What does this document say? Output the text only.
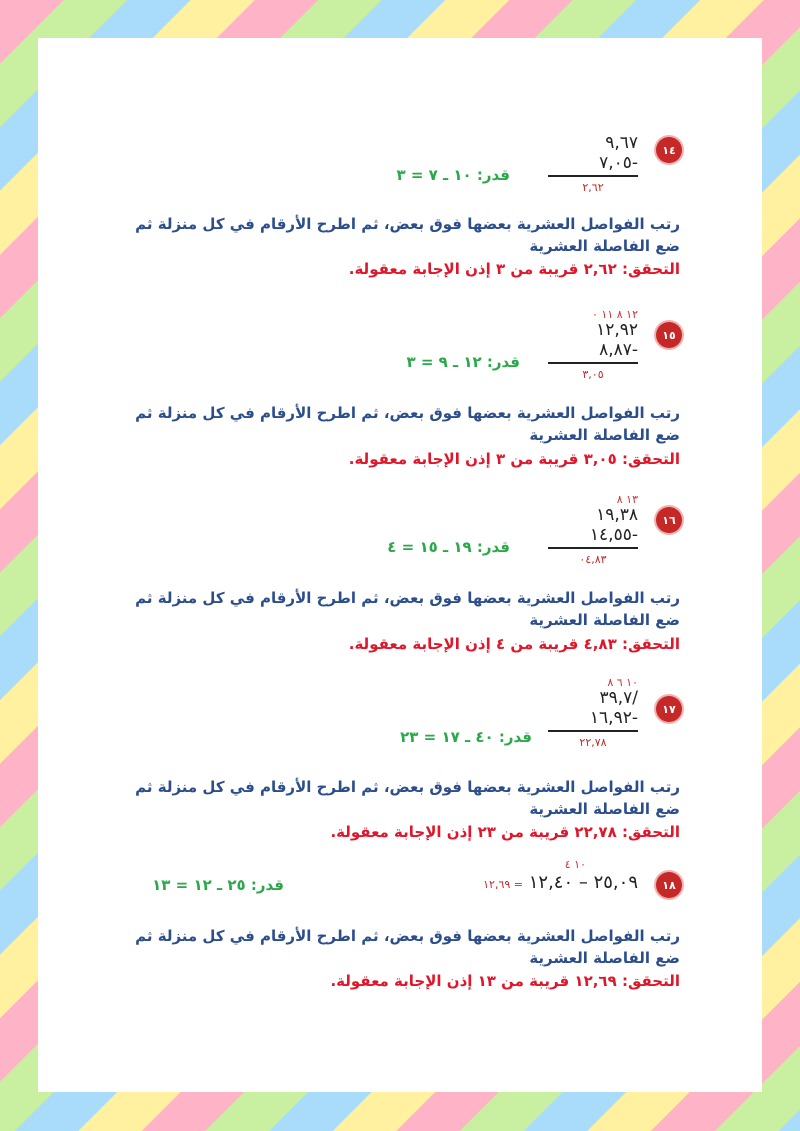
١٤
٩,٦٧
٧,٠٥-
٢,٦٢
قدر: ١٠ ـ ٧ = ٣
رتب الفواصل العشرية بعضها فوق بعض، ثم اطرح الأرقام في كل منزلة ثم ضع الفاصلة العشرية
التحقق: ٢,٦٢ قريبة من ٣ إذن الإجابة معقولة.
١٥
١٢ ٨ ١١ ٠
١٢,٩٢
٨,٨٧-
٣,٠٥
قدر: ١٢ ـ ٩ = ٣
رتب الفواصل العشرية بعضها فوق بعض، ثم اطرح الأرقام في كل منزلة ثم ضع الفاصلة العشرية
التحقق: ٣,٠٥ قريبة من ٣ إذن الإجابة معقولة.
١٦
١٣ ٨
١٩,٣٨
١٤,٥٥-
٠٤,٨٣
قدر: ١٩ ـ ١٥ = ٤
رتب الفواصل العشرية بعضها فوق بعض، ثم اطرح الأرقام في كل منزلة ثم ضع الفاصلة العشرية
التحقق: ٤,٨٣ قريبة من ٤ إذن الإجابة معقولة.
١٧
١٠ ٦ ٨
٣٩,٧/
١٦,٩٢-
٢٢,٧٨
قدر: ٤٠ ـ ١٧ = ٢٣
رتب الفواصل العشرية بعضها فوق بعض، ثم اطرح الأرقام في كل منزلة ثم ضع الفاصلة العشرية
التحقق: ٢٢,٧٨ قريبة من ٢٣ إذن الإجابة معقولة.
١٨
١٠ ٤
٢٥,٠٩ – ١٢,٤٠ = ١٢,٦٩
قدر: ٢٥ ـ ١٢ = ١٣
رتب الفواصل العشرية بعضها فوق بعض، ثم اطرح الأرقام في كل منزلة ثم ضع الفاصلة العشرية
التحقق: ١٢,٦٩ قريبة من ١٣ إذن الإجابة معقولة.
